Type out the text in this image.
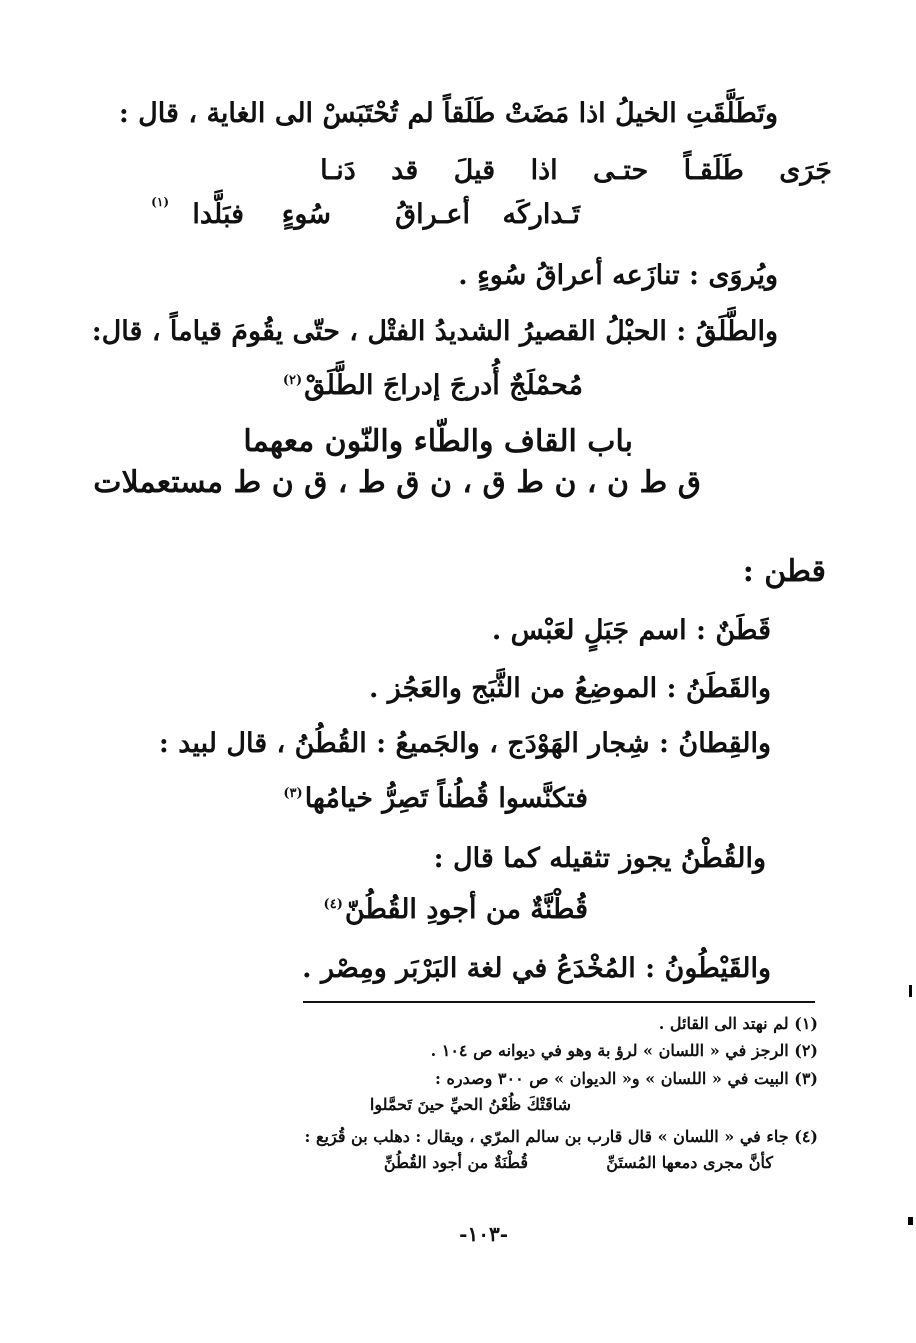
وتَطَلَّقَتِ الخيلُ اذا مَضَتْ طَلَقاً لم تُحْتَبَسْ الى الغاية ، قال :
جَرَى طَلَقـاً حتـى اذا قيلَ قد دَنـا
تَـداركَه
أعـراقُ
سُوءٍ
فبَلَّدا
(١)
ويُروَى : تنازَعه أعراقُ سُوءٍ .
والطَّلَقُ : الحبْلُ القصيرُ الشديدُ الفتْل ، حتّى يقُومَ قياماً ، قال:
مُحمْلَجٌ أُدرجَ إدراجَ الطَّلَقْ$^{(٢)}$
باب القاف والطّاء والنّون معهما
ق ط ن ، ن ط ق ، ن ق ط ، ق ن ط مستعملات
قطن :
قَطَنٌ : اسم جَبَلٍ لعَبْس .
والقَطَنُ : الموضِعُ من الثَّبَج والعَجُز .
والقِطانُ : شِجار الهَوْدَج ، والجَميعُ : القُطُنُ ، قال لبيد :
فتكنَّسوا قُطُناً تَصِرُّ خيامُها$^{(٣)}$
والقُطْنُ يجوز تثقيله كما قال :
قُطْنَّةٌ من أجودِ القُطُنّ$^{(٤)}$
والقَيْطُونُ : المُخْدَعُ في لغة البَرْبَر ومِصْر .
(١) لم نهتد الى القائل .
(٢) الرجز في « اللسان » لرؤ بة وهو في ديوانه ص ١٠٤ .
(٣) البيت في « اللسان » و« الديوان » ص ٣٠٠ وصدره :
شاقَتْكَ ظُعْنُ الحيِّ حينَ تَحمَّلوا
(٤) جاء في « اللسان » قال قارب بن سالم المرّي ، ويقال : دهلب بن قُرَيع :
كأنَّ مجرى دمعها المُستَنِّ
قُطْنَةٌ من أجود القُطُنِّ
-١٠٣-
